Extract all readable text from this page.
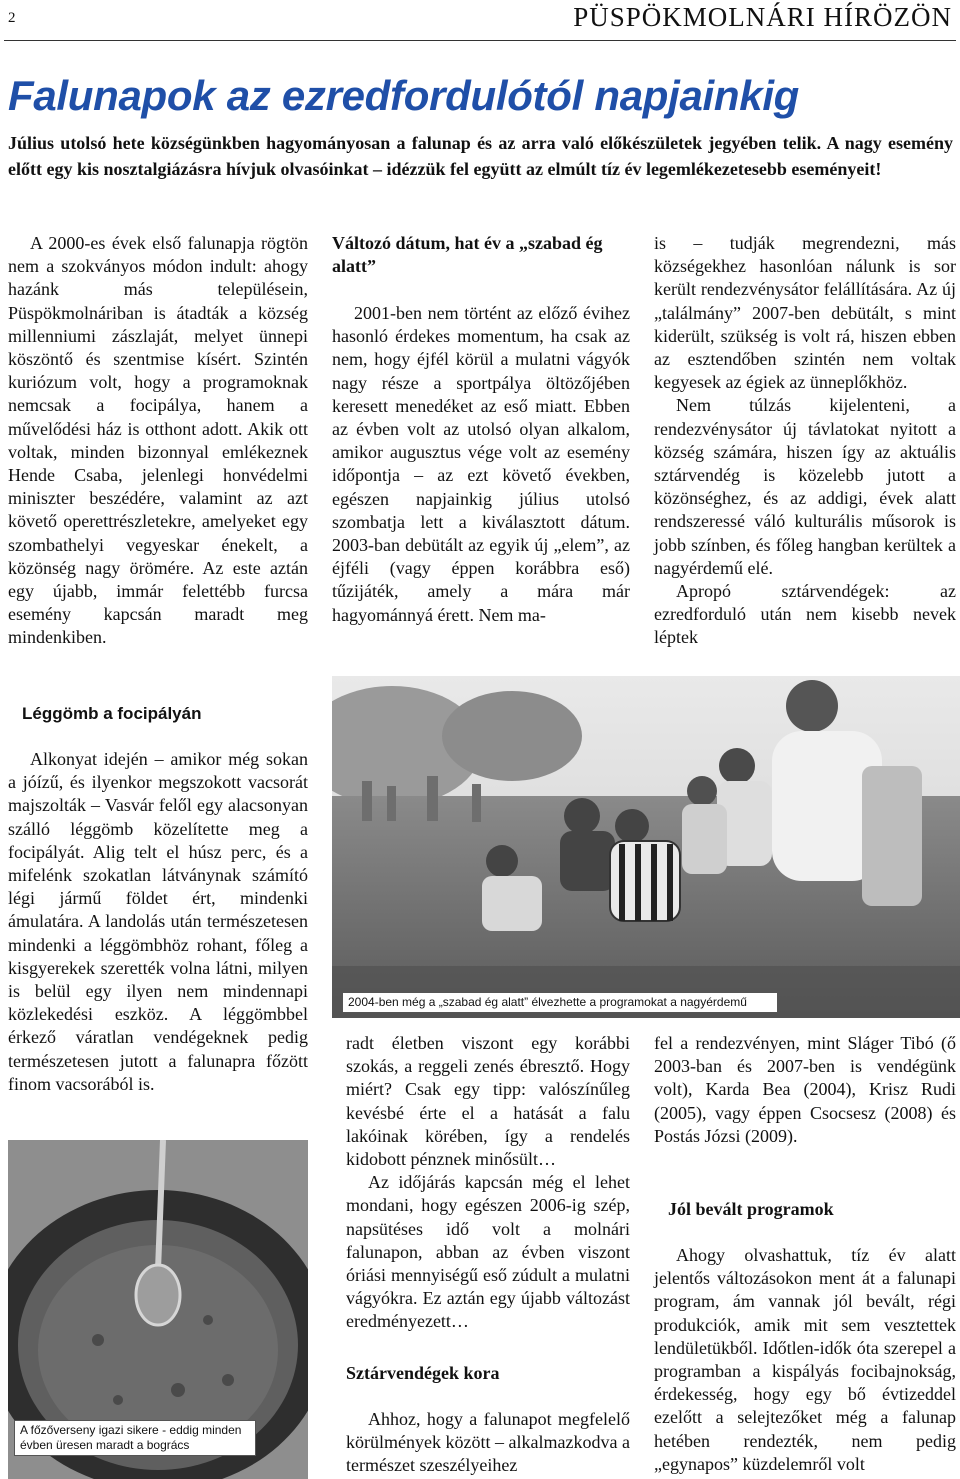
2	PÜSPÖKMOLNÁRI HÍRÖZÖN
Falunapok az ezredfordulótól napjainkig
Július utolsó hete községünkben hagyományosan a falunap és az arra való előkészületek jegyében telik. A nagy esemény előtt egy kis nosztalgiázásra hívjuk olvasóinkat – idézzük fel együtt az elmúlt tíz év legemlékezetesebb eseményeit!

A 2000-es évek első falunapja rögtön nem a szokványos módon indult: ahogy hazánk más településein, Püspökmolnáriban is átadták a község millenniumi zászlaját, melyet ünnepi köszöntő és szentmise kísért. Szintén kuriózum volt, hogy a programoknak nemcsak a focipálya, hanem a művelődési ház is otthont adott. Akik ott voltak, minden bizonnyal emlékeznek Hende Csaba, jelenlegi honvédelmi miniszter beszédére, valamint az azt követő operettrészletekre, amelyeket egy szombathelyi vegyeskar énekelt, a közönség nagy örömére. Az este aztán egy újabb, immár felettébb furcsa esemény kapcsán maradt meg mindenkiben.

Léggömb a focipályán

Alkonyat idején – amikor még sokan a jóízű, és ilyenkor megszokott vacsorát majszolták – Vasvár felől egy alacsonyan szálló léggömb közelítette meg a focipályát. Alig telt el húsz perc, és a mifelénk szokatlan látványnak számító légi jármű földet ért, mindenki ámulatára. A landolás után természetesen mindenki a léggömbhöz rohant, főleg a kisgyerekek szerették volna látni, milyen is belül egy ilyen nem mindennapi közlekedési eszköz. A léggömbbel érkező váratlan vendégeknek pedig természetesen jutott a falunapra főzött finom vacsorából is.

Változó dátum, hat év a „szabad ég alatt”

2001-ben nem történt az előző évihez hasonló érdekes momentum, ha csak az nem, hogy éjfél körül a mulatni vágyók nagy része a sportpálya öltözőjében keresett menedéket az eső miatt. Ebben az évben volt az utolsó olyan alkalom, amikor augusztus vége volt az esemény időpontja – az ezt követő években, egészen napjainkig július utolsó szombatja lett a kiválasztott dátum. 2003-ban debütált az egyik új „elem”, az éjféli (vagy éppen korábbra eső) tűzijáték, amely a mára már hagyománnyá érett. Nem ma-

is – tudják megrendezni, más községekhez hasonlóan nálunk is sor került rendezvénysátor felállítására. Az új „találmány” 2007-ben debütált, s mint kiderült, szükség is volt rá, hiszen ebben az esztendőben szintén nem voltak kegyesek az égiek az ünneplőkhöz.

Nem túlzás kijelenteni, a rendezvénysátor új távlatokat nyitott a község számára, hiszen így az aktuális sztárvendég is közelebb jutott a közönséghez, és az addigi, évek alatt rendszeressé váló kulturális műsorok is jobb színben, és főleg hangban kerültek a nagyérdemű elé.

Apropó sztárvendégek: az ezredforduló után nem kisebb nevek léptek

2004-ben még a „szabad ég alatt” élvezhette a programokat a nagyérdemű

radt életben viszont egy korábbi szokás, a reggeli zenés ébresztő. Hogy miért? Csak egy tipp: valószínűleg kevésbé érte el a hatását a falu lakóinak körében, így a rendelés kidobott pénznek minősült…

Az időjárás kapcsán még el lehet mondani, hogy egészen 2006-ig szép, napsütéses idő volt a molnári falunapon, abban az évben viszont óriási mennyiségű eső zúdult a mulatni vágyókra. Ez aztán egy újabb változást eredményezett…

Sztárvendégek kora

Ahhoz, hogy a falunapot megfelelő körülmények között – alkalmazkodva a természet szeszélyeihez

fel a rendezvényen, mint Sláger Tibó (ő 2003-ban és 2007-ben is vendégünk volt), Karda Bea (2004), Krisz Rudi (2005), vagy éppen Csocsesz (2008) és Postás Józsi (2009).

Jól bevált programok

Ahogy olvashattuk, tíz év alatt jelentős változásokon ment át a falunapi program, ám vannak jól bevált, régi produkciók, amik mit sem vesztettek lendületükből. Időtlen-idők óta szerepel a programban a kispályás focibajnokság, érdekesség, hogy egy bő évtizeddel ezelőtt a selejtezőket még a falunap hetében rendezték, nem pedig „egynapos” küzdelemről volt

A főzőverseny igazi sikere - eddig minden évben üresen maradt a bogrács
